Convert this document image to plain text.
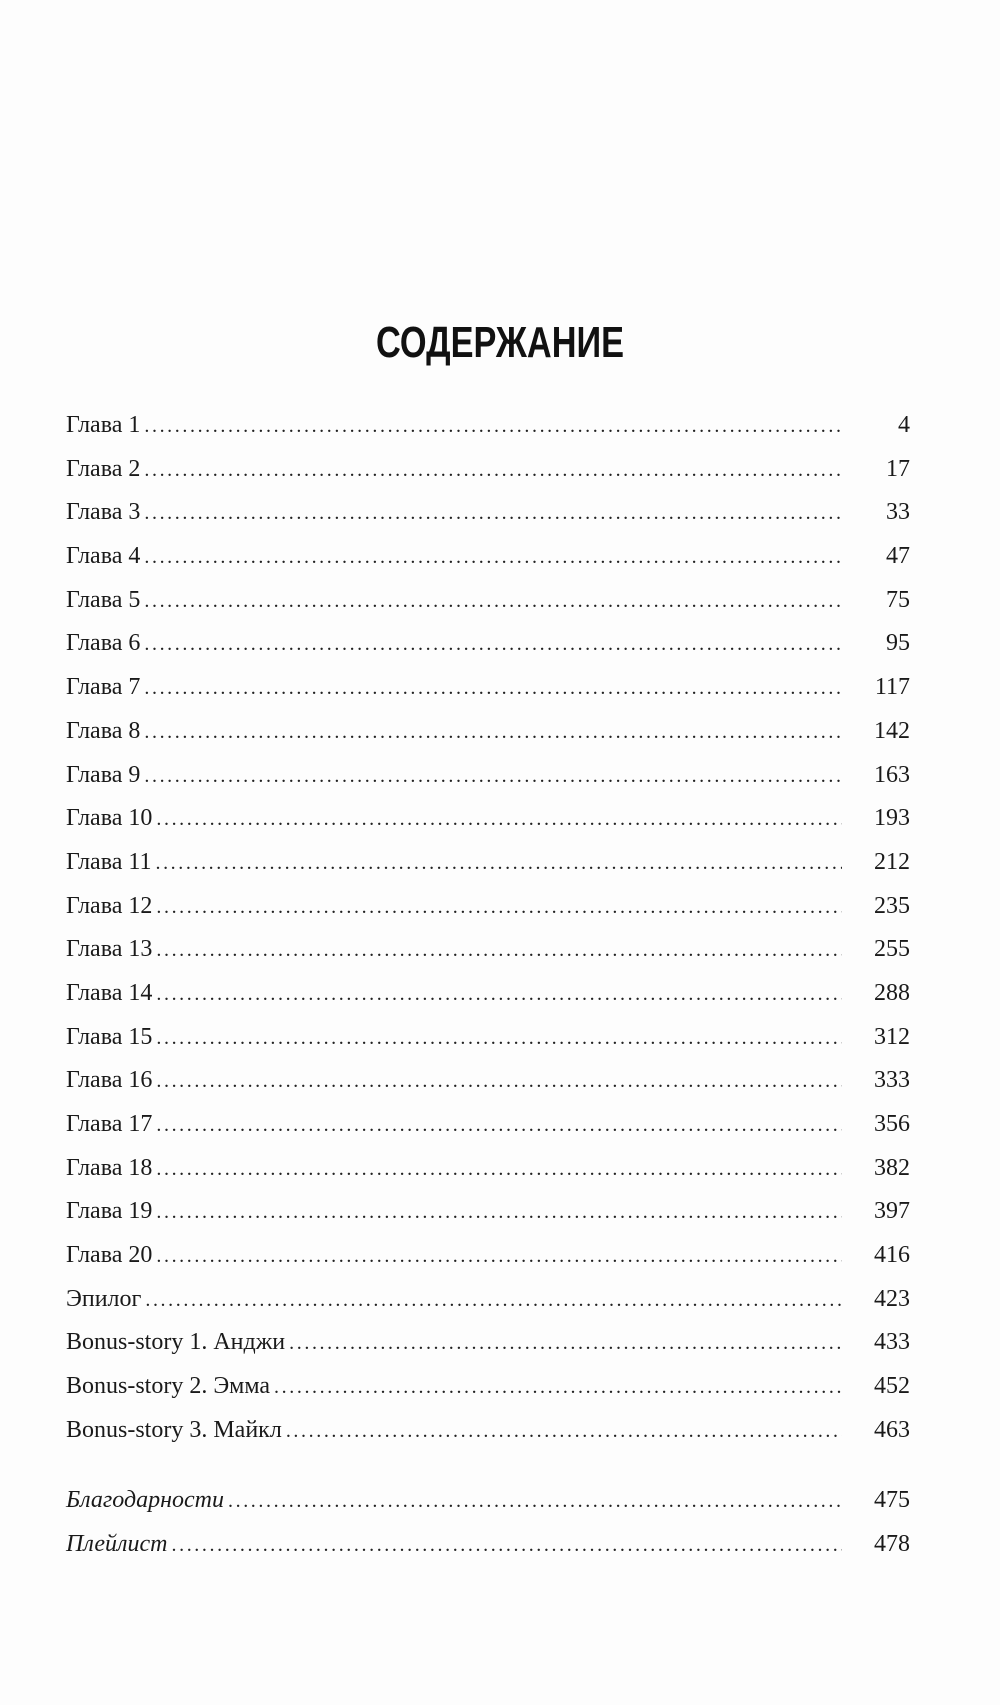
СОДЕРЖАНИЕ
Глава 1 . . .	4
Глава 2 . . .	17
Глава 3 . . .	33
Глава 4 . . .	47
Глава 5 . . .	75
Глава 6 . . .	95
Глава 7 . . .	117
Глава 8 . . .	142
Глава 9 . . .	163
Глава 10 . . .	193
Глава 11 . . .	212
Глава 12 . . .	235
Глава 13 . . .	255
Глава 14 . . .	288
Глава 15 . . .	312
Глава 16 . . .	333
Глава 17 . . .	356
Глава 18 . . .	382
Глава 19 . . .	397
Глава 20 . . .	416
Эпилог . . .	423
Bonus-story 1. Анджи . . .	433
Bonus-story 2. Эмма . . .	452
Bonus-story 3. Майкл . . .	463
Благодарности . . .	475
Плейлист . . .	478
